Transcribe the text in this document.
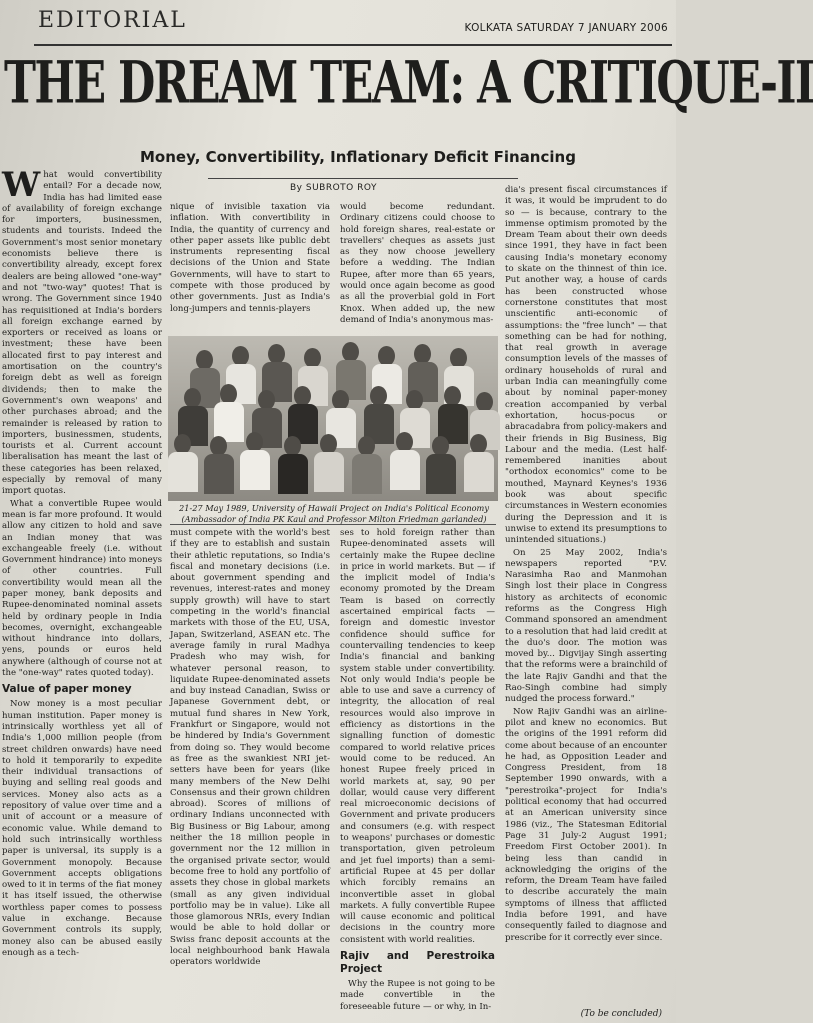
EDITORIAL	KOLKATA SATURDAY 7 JANUARY 2006
THE DREAM TEAM: A CRITIQUE-II
Money, Convertibility, Inflationary Deficit Financing
By SUBROTO ROY

What would convertibility entail? For a decade now, India has had limited ease of availability of foreign exchange for importers, businessmen, students and tourists. Indeed the Government's most senior monetary economists believe there is convertibility already, except forex dealers are being allowed "one-way" and not "two-way" quotes! That is wrong. The Government since 1940 has requisitioned at India's borders all foreign exchange earned by exporters or received as loans or investment; these have been allocated first to pay interest and amortisation on the country's foreign debt as well as foreign dividends; then to make the Government's own weapons' and other purchases abroad; and the remainder is released by ration to importers, businessmen, students, tourists et al. Current account liberalisation has meant the last of these categories has been relaxed, especially by removal of many import quotas.

What a convertible Rupee would mean is far more profound. It would allow any citizen to hold and save an Indian money that was exchangeable freely (i.e. without Government hindrance) into moneys of other countries. Full convertibility would mean all the paper money, bank deposits and Rupee-denominated nominal assets held by ordinary people in India becomes, overnight, exchangeable without hindrance into dollars, yens, pounds or euros held anywhere (although of course not at the "one-way" rates quoted today).

Value of paper money

Now money is a most peculiar human institution. Paper money is intrinsically worthless yet all of India's 1,000 million people (from street children onwards) have need to hold it temporarily to expedite their individual transactions of buying and selling real goods and services. Money also acts as a repository of value over time and a unit of account or a measure of economic value. While demand to hold such intrinsically worthless paper is universal, its supply is a Government monopoly. Because Government accepts obligations owed to it in terms of the fiat money it has itself issued, the otherwise worthless paper comes to possess value in exchange. Because Government controls its supply, money also can be abused easily enough as a tech-

nique of invisible taxation via inflation. With convertibility in India, the quantity of currency and other paper assets like public debt instruments representing fiscal decisions of the Union and State Governments, will have to start to compete with those produced by other governments. Just as India's long-jumpers and tennis-players

would become redundant. Ordinary citizens could choose to hold foreign shares, real-estate or travellers' cheques as assets just as they now choose jewellery before a wedding. The Indian Rupee, after more than 65 years, would once again become as good as all the proverbial gold in Fort Knox. When added up, the new demand of India's anonymous mas-

21-27 May 1989, University of Hawaii Project on India's Political Economy (Ambassador of India PK Kaul and Professor Milton Friedman garlanded)

must compete with the world's best if they are to establish and sustain their athletic reputations, so India's fiscal and monetary decisions (i.e. about government spending and revenues, interest-rates and money supply growth) will have to start competing in the world's financial markets with those of the EU, USA, Japan, Switzerland, ASEAN etc. The average family in rural Madhya Pradesh who may wish, for whatever personal reason, to liquidate Rupee-denominated assets and buy instead Canadian, Swiss or Japanese Government debt, or mutual fund shares in New York, Frankfurt or Singapore, would not be hindered by India's Government from doing so. They would become as free as the swankiest NRI jet-setters have been for years (like many members of the New Delhi Consensus and their grown children abroad). Scores of millions of ordinary Indians unconnected with Big Business or Big Labour, among neither the 18 million people in government nor the 12 million in the organised private sector, would become free to hold any portfolio of assets they chose in global markets (small as any given individual portfolio may be in value). Like all those glamorous NRIs, every Indian would be able to hold dollar or Swiss franc deposit accounts at the local neighbourhood bank Hawala operators worldwide

ses to hold foreign rather than Rupee-denominated assets will certainly make the Rupee decline in price in world markets. But — if the implicit model of India's economy promoted by the Dream Team is based on correctly ascertained empirical facts — foreign and domestic investor confidence should suffice for countervailing tendencies to keep India's financial and banking system stable under convertibility. Not only would India's people be able to use and save a currency of integrity, the allocation of real resources would also improve in efficiency as distortions in the signalling function of domestic compared to world relative prices would come to be reduced. An honest Rupee freely priced in world markets at, say, 90 per dollar, would cause very different real microeconomic decisions of Government and private producers and consumers (e.g. with respect to weapons' purchases or domestic transportation, given petroleum and jet fuel imports) than a semi-artificial Rupee at 45 per dollar which forcibly remains an inconvertible asset in global markets. A fully convertible Rupee will cause economic and political decisions in the country more consistent with world realities.

Rajiv and Perestroika Project

Why the Rupee is not going to be made convertible in the foreseeable future — or why, in In-

dia's present fiscal circumstances if it was, it would be imprudent to do so — is because, contrary to the immense optimism promoted by the Dream Team about their own deeds since 1991, they have in fact been causing India's monetary economy to skate on the thinnest of thin ice. Put another way, a house of cards has been constructed whose cornerstone constitutes that most unscientific anti-economic of assumptions: the "free lunch" — that something can be had for nothing, that real growth in average consumption levels of the masses of ordinary households of rural and urban India can meaningfully come about by nominal paper-money creation accompanied by verbal exhortation, hocus-pocus or abracadabra from policy-makers and their friends in Big Business, Big Labour and the media. (Lest half-remembered inanities about "orthodox economics" come to be mouthed, Maynard Keynes's 1936 book was about specific circumstances in Western economies during the Depression and it is unwise to extend its presumptions to unintended situations.)

On 25 May 2002, India's newspapers reported "P.V. Narasimha Rao and Manmohan Singh lost their place in Congress history as architects of economic reforms as the Congress High Command sponsored an amendment to a resolution that had laid credit at the duo's door. The motion was moved by... Digvijay Singh asserting that the reforms were a brainchild of the late Rajiv Gandhi and that the Rao-Singh combine had simply nudged the process forward."

Now Rajiv Gandhi was an airline-pilot and knew no economics. But the origins of the 1991 reform did come about because of an encounter he had, as Opposition Leader and Congress President, from 18 September 1990 onwards, with a "perestroika"-project for India's political economy that had occurred at an American university since 1986 (viz., The Statesman Editorial Page 31 July-2 August 1991; Freedom First October 2001). In being less than candid in acknowledging the origins of the reform, the Dream Team have failed to describe accurately the main symptoms of illness that afflicted India before 1991, and have consequently failed to diagnose and prescribe for it correctly ever since.

(To be concluded)
